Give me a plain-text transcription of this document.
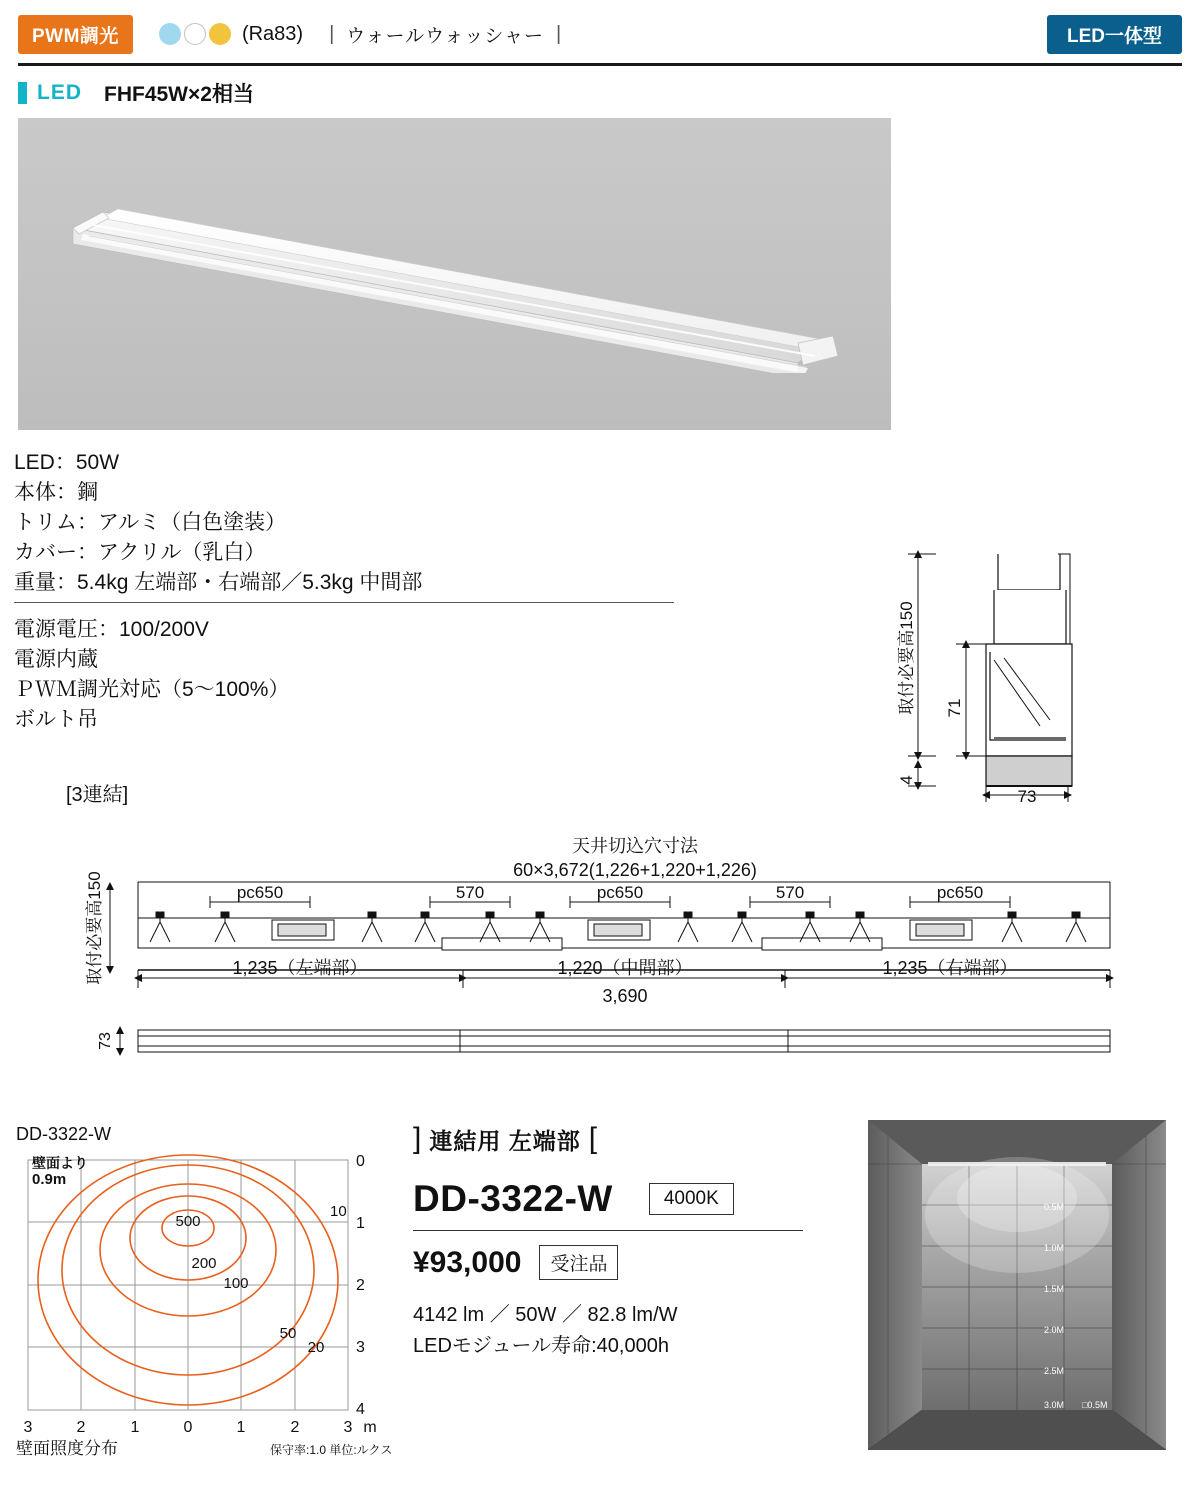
PWM調光	(Ra83) | ウォールウォッシャー |	LED一体型
LED FHF45W×2相当
LED：50W
本体：鋼
トリム：アルミ（白色塗装）
カバー：アクリル（乳白）
重量：5.4kg 左端部・右端部／5.3kg 中間部
電源電圧：100/200V
電源内蔵
ＰＷＭ調光対応（5〜100%）
ボルト吊
[3連結]
取付必要高150 71
4
73
天井切込穴寸法
60×3,672(1,226+1,220+1,226)
pc650	570	pc650	570	pc650
取付必要高150	1,235（左端部）	1,220（中間部）	1,235（右端部）
3,690
73
DD-3322-W
500
200
100
50
20
壁面より
0.9m
0
1
2
3
4
10
3	2	1	0	1	2	3 m
壁面照度分布	保守率:1.0 単位:ルクス
] 連結用 左端部 [
DD-3322-W	4000K
¥93,000	受注品
4142 lm ／ 50W ／ 82.8 lm/W
LEDモジュール寿命:40,000h
0.5M
1.0M
1.5M
2.0M
2.5M
3.0M □0.5M
